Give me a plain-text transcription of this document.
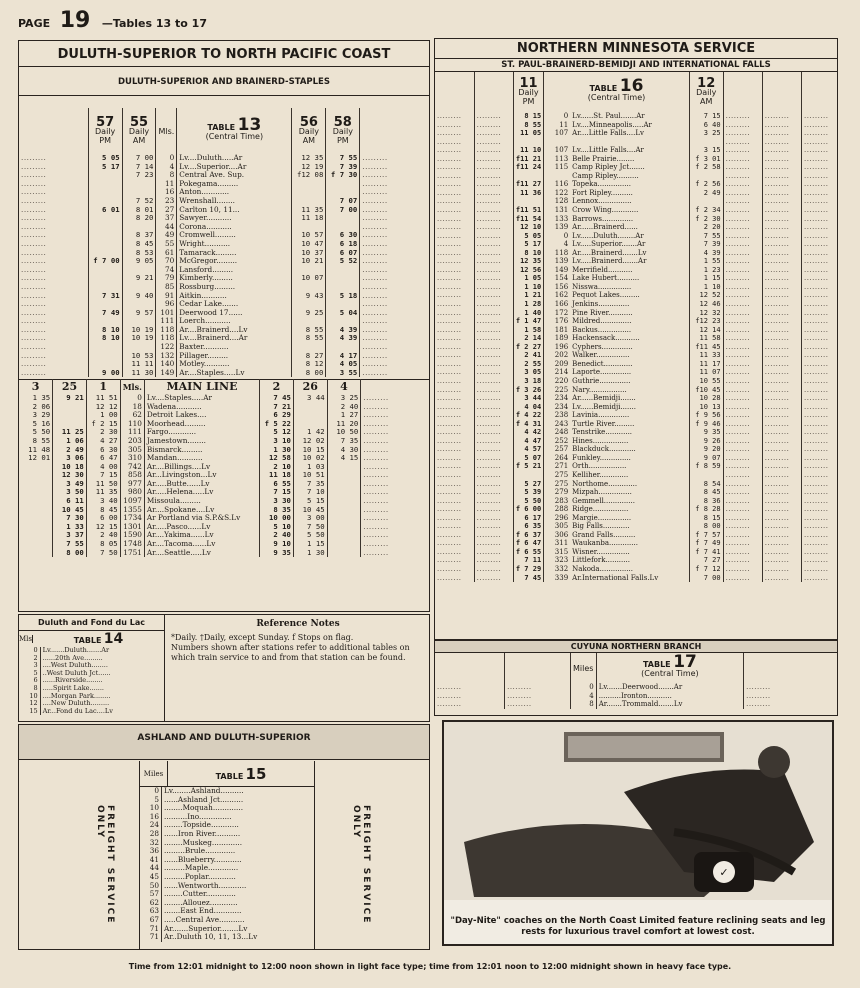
PAGE 19 —Tables 13 to 17
DULUTH-SUPERIOR TO NORTH PACIFIC COAST
DULUTH-SUPERIOR AND BRAINERD-STAPLES

	57
Daily
PM	55
Daily
AM	Mls.	TABLE 13
(Central Time)	56
Daily
AM	58
Daily
PM	
.........	5 05	7 00	0	Lv....Duluth.....Ar	12 35	7 55	.........
.........	5 17	7 14	4	Lv....Superior....Ar	12 19	7 39	.........
.........		7 23	8	Central Ave. Sup.	f12 08	f 7 30	.........
.........			11	Pokegama.........			.........
.........			16	Anton............			.........
.........		7 52	23	Wrenshall........		7 07	.........
.........	6 01	8 01	27	Carlton 10, 11...	11 35	7 00	.........
.........		8 20	37	Sawyer...........	11 18		.........
.........			44	Corona...........			.........
.........		8 37	49	Cromwell.........	10 57	6 30	.........
.........		8 45	55	Wright...........	10 47	6 18	.........
.........		8 53	61	Tamarack.........	10 37	6 07	.........
.........	f 7 00	9 05	70	McGregor.........	10 21	5 52	.........
.........			74	Lansford.........			.........
.........		9 21	79	Kimberly.........	10 07		.........
.........			85	Rossburg.........			.........
.........	7 31	9 40	91	Aitkin...........	9 43	5 18	.........
.........			96	Cedar Lake.......			.........
.........	7 49	9 57	101	Deerwood 17......	9 25	5 04	.........
.........			111	Loerch...........			.........
.........	8 10	10 19	118	Ar....Brainerd....Lv	8 55	4 39	.........
.........	8 10	10 19	118	Lv....Brainerd....Ar	8 55	4 39	.........
.........			122	Baxter...........			.........
.........		10 53	132	Pillager.........	8 27	4 17	.........
.........		11 11	140	Motley...........	8 12	4 05	.........
.........	9 00	11 30	149	Ar....Staples.....Lv	8 00	3 55	.........
3	25	1	Mls.	MAIN LINE	2	26	4	
1 35	9 21	11 51	0	Lv....Staples.....Ar	7 45	3 44	3 25	.........
2 06		12 12	18	Wadena...........	7 21		2 40	.........
3 29		1 00	62	Detroit Lakes....	6 29		1 27	.........
5 16		f 2 15	110	Moorhead.........	f 5 22		11 20	.........
5 50	11 25	2 30	111	Fargo............	5 12	1 42	10 50	.........
8 55	1 06	4 27	203	Jamestown........	3 10	12 02	7 35	.........
11 48	2 49	6 30	305	Bismarck.........	1 30	10 15	4 30	.........
12 01	3 06	6 47	310	Mandan...........	12 58	10 02	4 15	.........
	10 18	4 00	742	Ar....Billings....Lv	2 10	1 03		.........
	12 30	7 15	858	Ar...Livingston...Lv	11 18	10 51		.........
	3 49	11 50	977	Ar.....Butte......Lv	6 55	7 35		.........
	3 50	11 35	980	Ar.....Helena.....Lv	7 15	7 10		.........
	6 11	3 40	1097	Missoula.........	3 30	5 15		.........
	10 45	8 45	1355	Ar....Spokane....Lv	8 35	10 45		.........
	7 30	6 00	1734	Ar Portland via S.P.&S.Lv	10 00	3 00		.........
	1 33	12 15	1301	Ar.....Pasco......Lv	5 10	7 50		.........
	3 37	2 40	1590	Ar....Yakima......Lv	2 40	5 50		.........
	7 55	8 05	1748	Ar....Tacoma......Lv	9 10	1 15		.........
	8 00	7 50	1751	Ar....Seattle.....Lv	9 35	1 30		.........
Duluth and Fond du Lac
Mls	TABLE 14
0	Lv.......Duluth.......Ar
2	......20th Ave.........
3	....West Duluth........
5	..West Duluth Jct......
6	......Riverside........
8	.....Spirit Lake.......
10	....Morgan Park........
12	....New Duluth.........
15	Ar...Fond du Lac....Lv
Reference Notes
*Daily. †Daily, except Sunday. f Stops on flag.
Numbers shown after stations refer to additional tables on which train service to and from that station can be found.
ASHLAND AND DULUTH-SUPERIOR
FREIGHT SERVICE ONLY	FREIGHT SERVICE ONLY
Miles	TABLE 15
0	Lv........Ashland..........
5	......Ashland Jct..........
10	........Moquah.............
16	..........Ino..............
24	........Topside............
28	......Iron River...........
32	........Muskeg.............
36	.........Brule.............
41	......Blueberry............
44	.........Maple.............
45	.........Poplar............
50	......Wentworth............
57	........Cutter.............
62	........Allouez............
63	.......East End............
67	.....Central Ave...........
71	Ar.......Superior........Lv
71	Ar..Duluth 10, 11, 13...Lv
NORTHERN MINNESOTA SERVICE
ST. PAUL-BRAINERD-BEMIDJI AND INTERNATIONAL FALLS

		11
Daily
PM	TABLE 16
(Central Time)	12
Daily
AM			
.........	.........	8 15	0 Lv......St. Paul.......Ar	7 15	.........	.........	.........
.........	.........	8 55	11 Lv....Minneapolis.....Ar	6 40	.........	.........	.........
.........	.........	11 05	107 Ar....Little Falls....Lv	3 25	.........	.........	.........
.........	.........				.........	.........	.........
.........	.........	11 10	107 Lv....Little Falls....Ar	3 15	.........	.........	.........
.........	.........	f11 21	113 Belle Prairie........	f 3 01	.........	.........	.........
.........	.........	f11 24	115 Camp Ripley Jct.......	f 2 58	.........	.........	.........
.........	.........		Camp Ripley..........		.........	.........	.........
.........	.........	f11 27	116 Topeka...............	f 2 56	.........	.........	.........
.........	.........	11 36	122 Fort Ripley..........	2 49	.........	.........	.........
.........	.........		128 Lennox...............		.........	.........	.........
.........	.........	f11 51	131 Crow Wing............	f 2 34	.........	.........	.........
.........	.........	f11 54	133 Barrows..............	f 2 30	.........	.........	.........
.........	.........	12 10	139 Ar......Brainerd......	2 20	.........	.........	.........
.........	.........	5 05	0 Lv......Duluth........Ar	7 55	.........	.........	.........
.........	.........	5 17	4 Lv.....Superior.......Ar	7 39	.........	.........	.........
.........	.........	8 10	118 Ar.....Brainerd.......Lv	4 39	.........	.........	.........
.........	.........	12 35	139 Lv.....Brainerd.......Ar	1 55	.........	.........	.........
.........	.........	12 56	149 Merrifield...........	1 23	.........	.........	.........
.........	.........	1 05	154 Lake Hubert..........	1 15	.........	.........	.........
.........	.........	1 10	156 Nisswa...............	1 10	.........	.........	.........
.........	.........	1 21	162 Pequot Lakes.........	12 52	.........	.........	.........
.........	.........	1 28	166 Jenkins..............	12 46	.........	.........	.........
.........	.........	1 40	172 Pine River...........	12 32	.........	.........	.........
.........	.........	f 1 47	176 Mildred..............	f12 23	.........	.........	.........
.........	.........	1 58	181 Backus...............	12 14	.........	.........	.........
.........	.........	2 14	189 Hackensack...........	11 58	.........	.........	.........
.........	.........	f 2 27	196 Cyphers..............	f11 45	.........	.........	.........
.........	.........	2 41	202 Walker...............	11 33	.........	.........	.........
.........	.........	2 55	209 Benedict.............	11 17	.........	.........	.........
.........	.........	3 05	214 Laporte..............	11 07	.........	.........	.........
.........	.........	3 18	220 Guthrie..............	10 55	.........	.........	.........
.........	.........	f 3 26	225 Nary.................	f10 45	.........	.........	.........
.........	.........	3 44	234 Ar......Bemidji.......	10 28	.........	.........	.........
.........	.........	4 04	234 Lv......Bemidji.......	10 13	.........	.........	.........
.........	.........	f 4 22	238 Lavinia..............	f 9 56	.........	.........	.........
.........	.........	f 4 31	243 Turtle River.........	f 9 46	.........	.........	.........
.........	.........	4 42	248 Tenstrike............	9 35	.........	.........	.........
.........	.........	4 47	252 Hines................	9 26	.........	.........	.........
.........	.........	4 57	257 Blackduck............	9 20	.........	.........	.........
.........	.........	5 07	264 Funkley..............	9 07	.........	.........	.........
.........	.........	f 5 21	271 Orth.................	f 8 59	.........	.........	.........
.........	.........		275 Kelliher.............		.........	.........	.........
.........	.........	5 27	275 Northome.............	8 54	.........	.........	.........
.........	.........	5 39	279 Mizpah...............	8 45	.........	.........	.........
.........	.........	5 50	283 Gemmell..............	8 36	.........	.........	.........
.........	.........	f 6 00	288 Ridge................	f 8 28	.........	.........	.........
.........	.........	6 17	296 Margie...............	8 15	.........	.........	.........
.........	.........	6 35	305 Big Falls............	8 00	.........	.........	.........
.........	.........	f 6 37	306 Grand Falls..........	f 7 57	.........	.........	.........
.........	.........	f 6 47	311 Waukanba.............	f 7 49	.........	.........	.........
.........	.........	f 6 55	315 Wisner...............	f 7 41	.........	.........	.........
.........	.........	7 11	323 Littlefork...........	7 27	.........	.........	.........
.........	.........	f 7 29	332 Nakoda...............	f 7 12	.........	.........	.........
.........	.........	7 45	339 Ar.International Falls.Lv	7 00	.........	.........	.........
CUYUNA NORTHERN BRANCH
		Miles	TABLE 17
(Central Time)	
.........	.........	0	Lv.......Deerwood.......Ar	.........
.........	.........	4	..........Ironton...........	.........
.........	.........	8	Ar.......Trommald.......Lv	.........
✓
"Day-Nite" coaches on the North Coast Limited feature reclining seats and leg rests for luxurious travel comfort at lowest cost.
Time from 12:01 midnight to 12:00 noon shown in light face type; time from 12:01 noon to 12:00 midnight shown in heavy face type.
